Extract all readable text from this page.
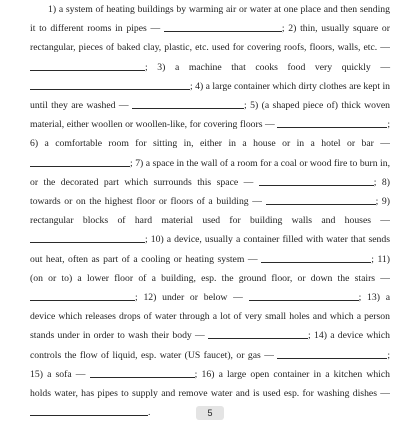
1) a system of heating buildings by warming air or water at one place and then sending it to different rooms in pipes —	; 2) thin, usually square or rectangular, pieces of baked clay, plastic, etc. used for covering roofs, floors, walls, etc. — ; 3) a machine that cooks food very quickly — ; 4) a large container which dirty clothes are kept in until they are washed —	; 5) (a shaped piece of) thick woven material, either woollen or woollen-like, for covering floors —	; 6) a comfortable room for sitting in, either in a house or in a hotel or bar — ; 7) a space in the wall of a room for a coal or wood fire to burn in, or the decorated part which surrounds this space —	; 8) towards or on the highest floor or floors of a building —	; 9) rectangular blocks of hard material used for building walls and houses — ; 10) a device, usually a container filled with water that sends out heat, often as part of a cooling or heating system —	; 11) (on or to) a lower floor of a building, esp. the ground floor, or down the stairs — ; 12) under or below —	; 13) a device which releases drops of water through a lot of very small holes and which a person stands under in order to wash their body —	; 14) a device which controls the flow of liquid, esp. water (US faucet), or gas —	; 15) a sofa —	; 16) a large open container in a kitchen which holds water, has pipes to supply and remove water and is used esp. for washing dishes — .	5
